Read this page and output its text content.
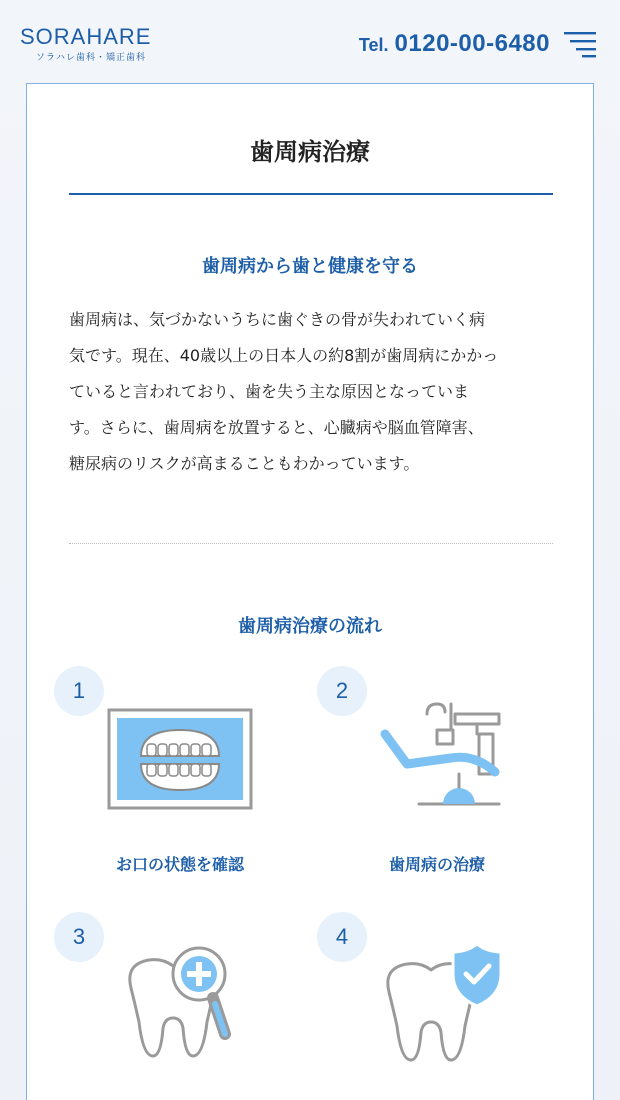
SORAHARE
ソラハレ歯科・矯正歯科
Tel. 0120-00-6480
歯周病治療
歯周病から歯と健康を守る

歯周病は、気づかないうちに歯ぐきの骨が失われていく病

気です。現在、40歳以上の日本人の約8割が歯周病にかかっ

ていると言われており、歯を失う主な原因となっていま

す。さらに、歯周病を放置すると、心臓病や脳血管障害、

糖尿病のリスクが高まることもわかっています。

歯周病治療の流れ
1
お口の状態を確認
2
歯周病の治療
3	4
